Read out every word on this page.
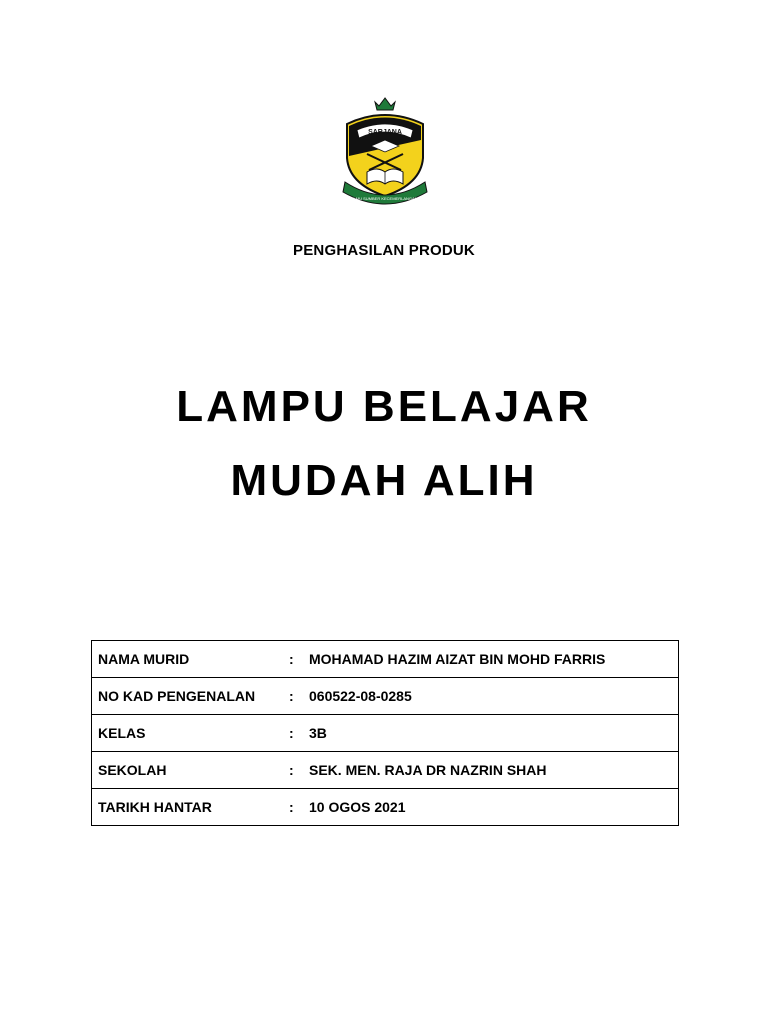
SARJANA
ILMU SUMBER KECEMERLANGAN
PENGHASILAN PRODUK
LAMPU BELAJAR
MUDAH ALIH
NAMA MURID	:	MOHAMAD HAZIM AIZAT BIN MOHD FARRIS
NO KAD PENGENALAN	:	060522-08-0285
KELAS	:	3B
SEKOLAH	:	SEK. MEN. RAJA DR NAZRIN SHAH
TARIKH HANTAR	:	10 OGOS 2021
